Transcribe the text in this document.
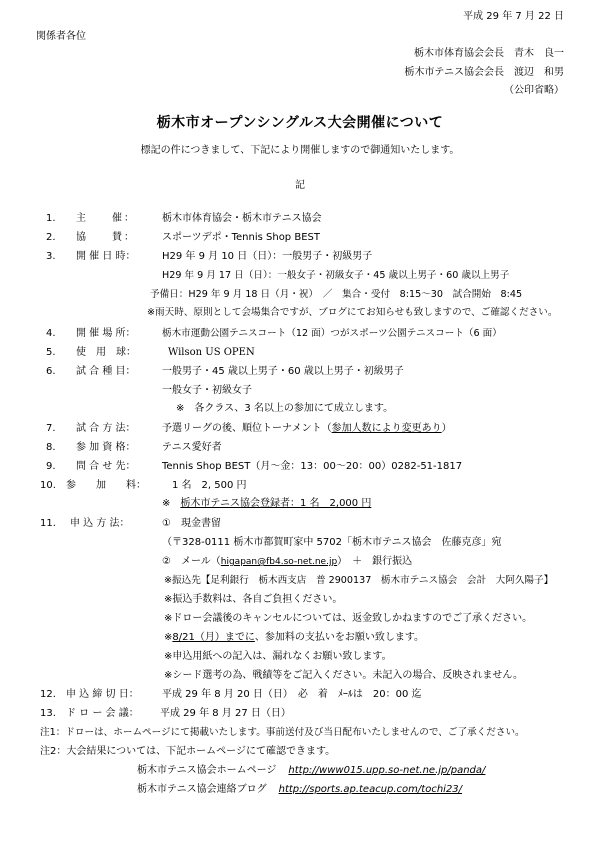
平成 29 年 7 月 22 日
関係者各位
栃木市体育協会会長　青木　良一
栃木市テニス協会会長　渡辺　和男
（公印省略）
栃木市オープンシングルス大会開催について
標記の件につきまして、下記により開催しますので御通知いたします。
記
1. 主　　催：	栃木市体育協会・栃木市テニス協会
2. 協　　賛：	スポーツデポ・Tennis Shop BEST
3. 開 催 日 時：	H29 年 9 月 10 日（日）：一般男子・初級男子
H29 年 9 月 17 日（日）：一般女子・初級女子・45 歳以上男子・60 歳以上男子
予備日：H29 年 9 月 18 日（月・祝）　／　集合・受付　8:15～30　試合開始　8:45
※雨天時、原則として会場集合ですが、ブログにてお知らせも致しますので、ご確認ください。
4. 開 催 場 所：	栃木市運動公園テニスコート（12 面）つがスポーツ公園テニスコート（6 面）
5. 使　用　球：	Wilson US OPEN
6. 試 合 種 目：	一般男子・45 歳以上男子・60 歳以上男子・初級男子
一般女子・初級女子
※　各クラス、3 名以上の参加にて成立します。
7. 試 合 方 法：	予選リーグの後、順位トーナメント（参加人数により変更あり）
8. 参 加 資 格：	テニス愛好者
9. 問 合 せ 先：	Tennis Shop BEST（月～金：13：00～20：00）0282-51-1817
10. 参　　加　　料：	1 名　2, 500 円
※　栃木市テニス協会登録者：1 名　2,000 円
11. 申 込 方 法：	①　現金書留
（〒328-0111 栃木市都賀町家中 5702「栃木市テニス協会　佐藤克彦」宛
②　メール（higapan@fb4.so-net.ne.jp）　＋　銀行振込
※振込先【足利銀行　栃木西支店　普 2900137　栃木市テニス協会　会計　大阿久陽子】
※振込手数料は、各自ご負担ください。
※ドロー会議後のキャンセルについては、返金致しかねますのでご了承ください。
※8/21（月）までに、参加料の支払いをお願い致します。
※申込用紙への記入は、漏れなくお願い致します。
※シード選考の為、戦績等をご記入ください。未記入の場合、反映されません。
12. 申 込 締 切 日： 平成 29 年 8 月 20 日（日）　必　着　ﾒｰﾙは　20：00 迄
13. ド ロ ー 会 議： 平成 29 年 8 月 27 日（日）
注1：ドローは、ホームページにて掲載いたします。事前送付及び当日配布いたしませんので、ご了承ください。
注2：大会結果については、下記ホームページにて確認できます。
栃木市テニス協会ホームページ http://www015.upp.so-net.ne.jp/panda/
栃木市テニス協会連絡ブログ http://sports.ap.teacup.com/tochi23/
